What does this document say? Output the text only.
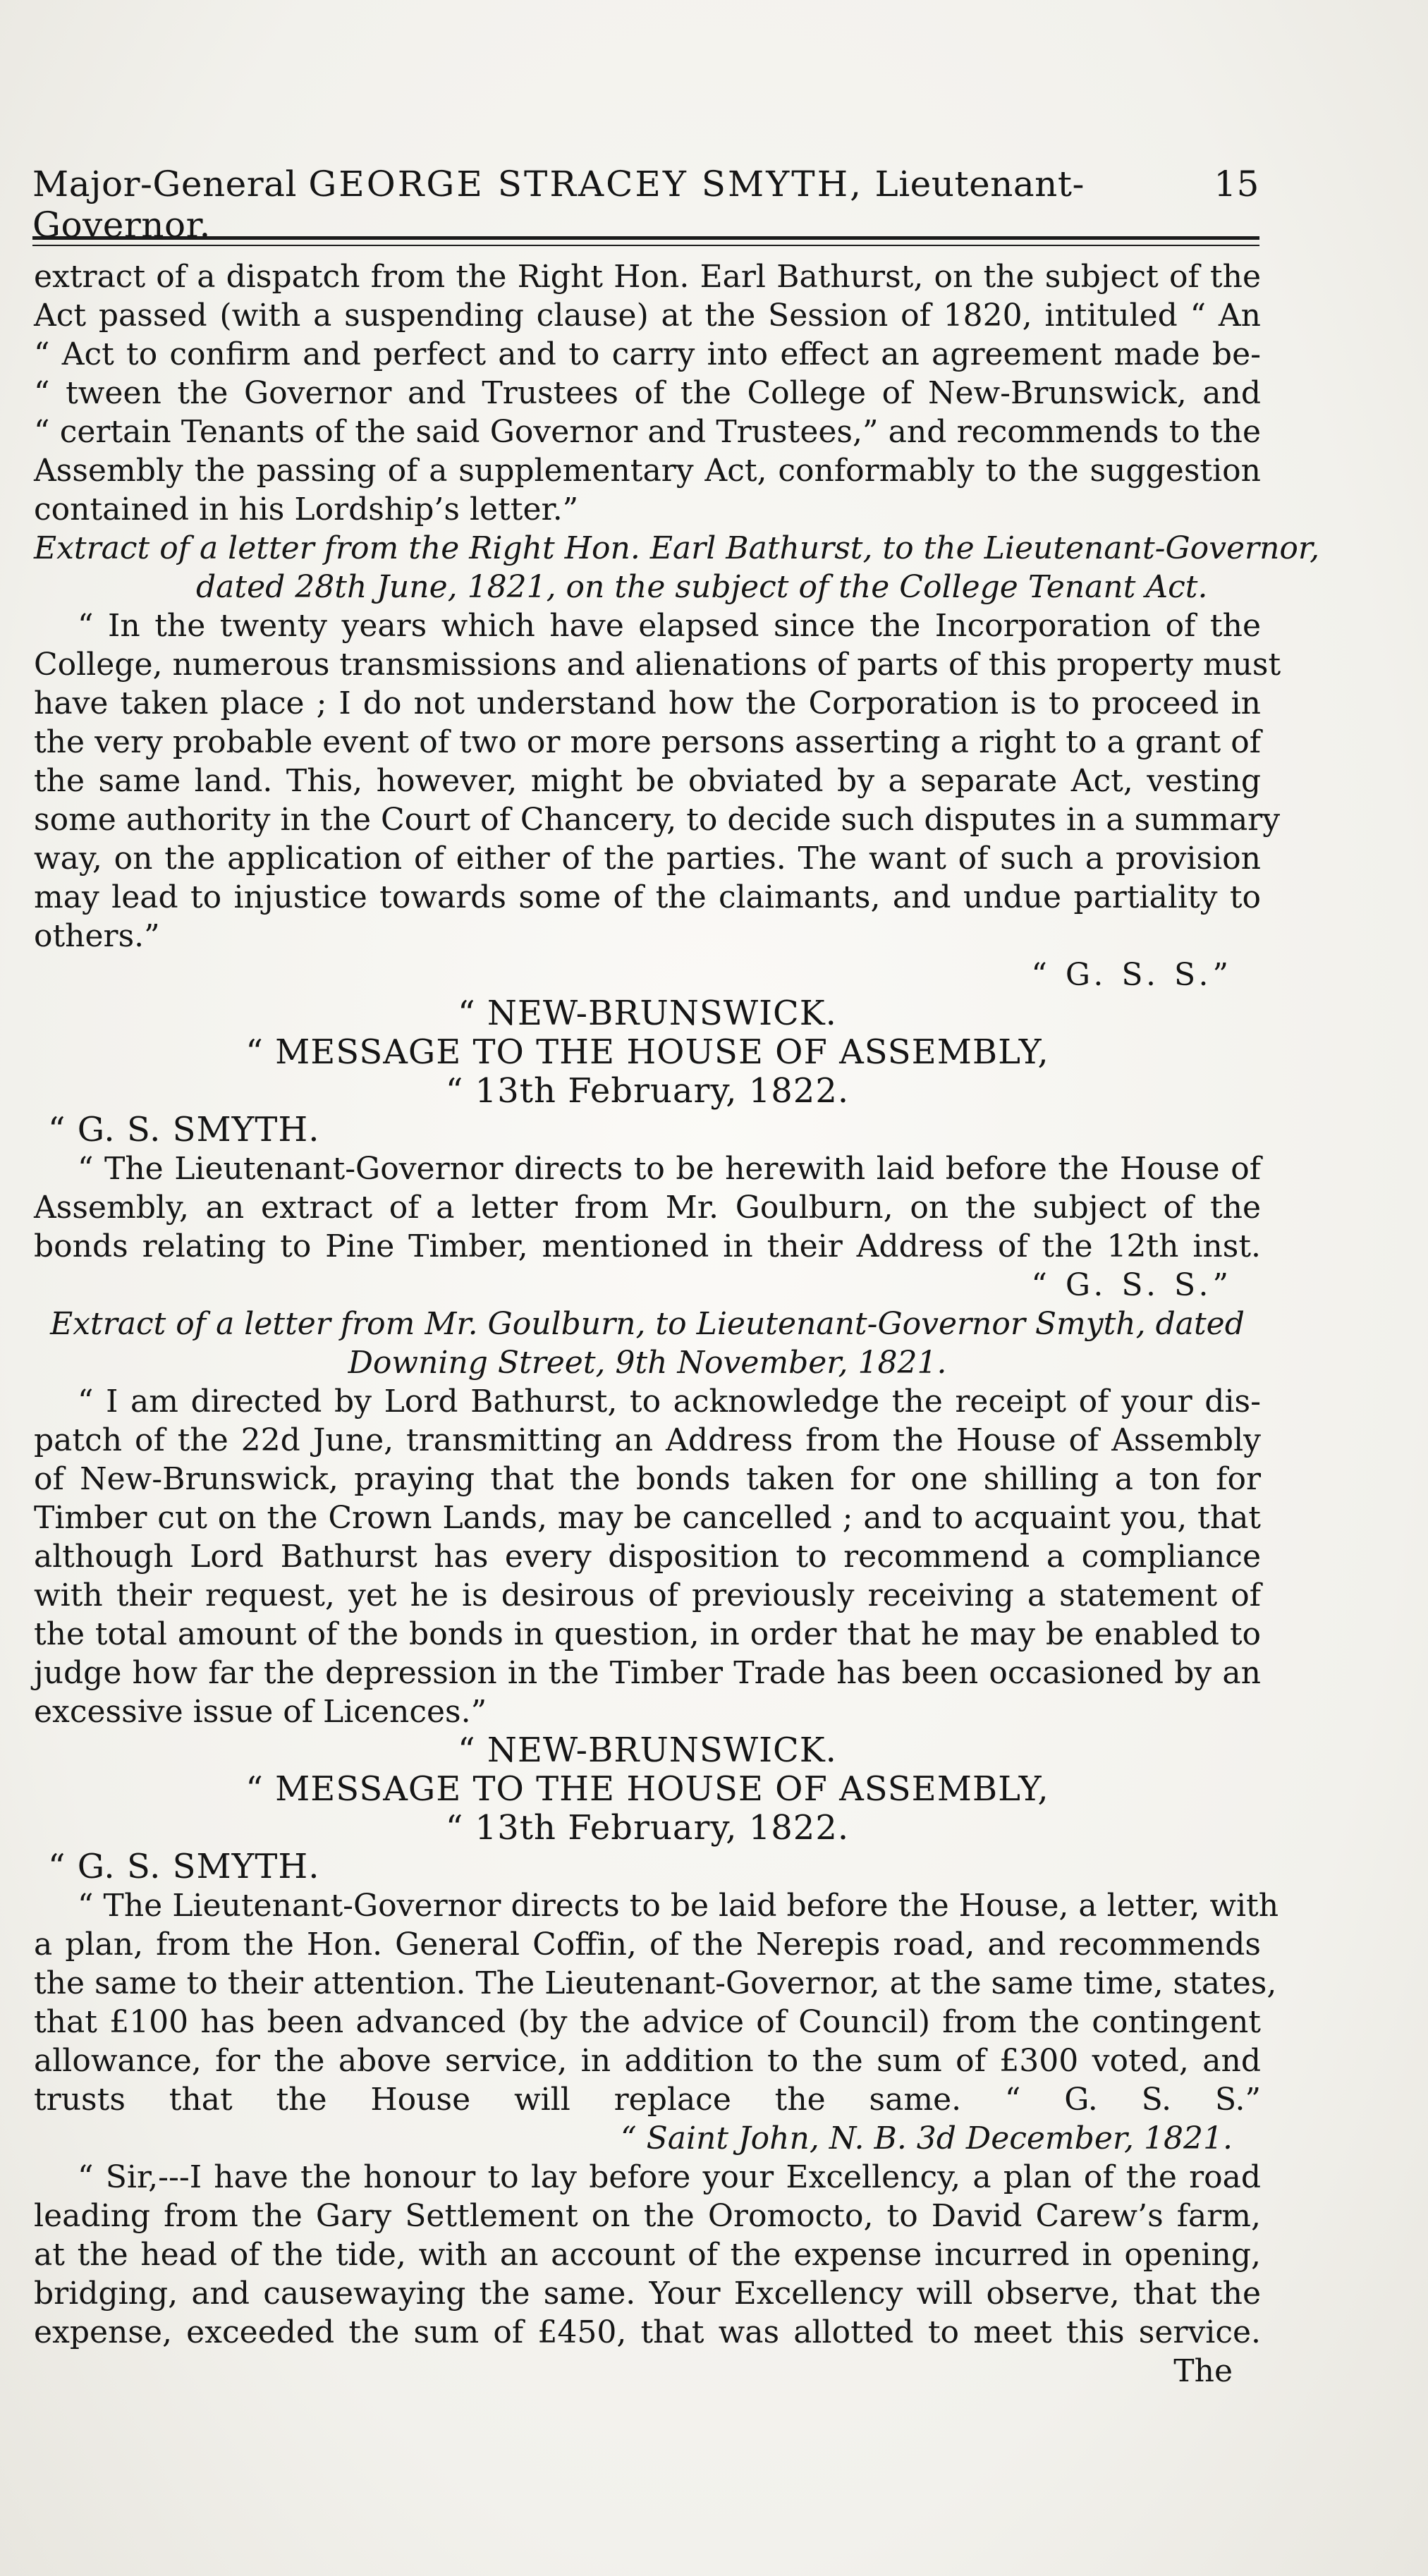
Major-General GEORGE STRACEY SMYTH, Lieutenant-Governor.
15
extract of a dispatch from the Right Hon. Earl Bathurst, on the subject of the
Act passed (with a suspending clause) at the Session of 1820, intituled “ An
“ Act to confirm and perfect and to carry into effect an agreement made be-
“ tween the Governor and Trustees of the College of New-Brunswick, and
“ certain Tenants of the said Governor and Trustees,” and recommends to the
Assembly the passing of a supplementary Act, conformably to the suggestion
contained in his Lordship’s letter.”
Extract of a letter from the Right Hon. Earl Bathurst, to the Lieutenant-Governor,
dated 28th June, 1821, on the subject of the College Tenant Act.
“ In the twenty years which have elapsed since the Incorporation of the
College, numerous transmissions and alienations of parts of this property must
have taken place ; I do not understand how the Corporation is to proceed in
the very probable event of two or more persons asserting a right to a grant of
the same land. This, however, might be obviated by a separate Act, vesting
some authority in the Court of Chancery, to decide such disputes in a summary
way, on the application of either of the parties. The want of such a provision
may lead to injustice towards some of the claimants, and undue partiality to
others.”
“ G. S. S.”
“ NEW-BRUNSWICK.
“ MESSAGE TO THE HOUSE OF ASSEMBLY,
“ 13th February, 1822.
“ G. S. SMYTH.
“ The Lieutenant-Governor directs to be herewith laid before the House of
Assembly, an extract of a letter from Mr. Goulburn, on the subject of the
bonds relating to Pine Timber, mentioned in their Address of the 12th inst.
“ G. S. S.”
Extract of a letter from Mr. Goulburn, to Lieutenant-Governor Smyth, dated
Downing Street, 9th November, 1821.
“ I am directed by Lord Bathurst, to acknowledge the receipt of your dis-
patch of the 22d June, transmitting an Address from the House of Assembly
of New-Brunswick, praying that the bonds taken for one shilling a ton for
Timber cut on the Crown Lands, may be cancelled ; and to acquaint you, that
although Lord Bathurst has every disposition to recommend a compliance
with their request, yet he is desirous of previously receiving a statement of
the total amount of the bonds in question, in order that he may be enabled to
judge how far the depression in the Timber Trade has been occasioned by an
excessive issue of Licences.”
“ NEW-BRUNSWICK.
“ MESSAGE TO THE HOUSE OF ASSEMBLY,
“ 13th February, 1822.
“ G. S. SMYTH.
“ The Lieutenant-Governor directs to be laid before the House, a letter, with
a plan, from the Hon. General Coffin, of the Nerepis road, and recommends
the same to their attention. The Lieutenant-Governor, at the same time, states,
that £100 has been advanced (by the advice of Council) from the contingent
allowance, for the above service, in addition to the sum of £300 voted, and
trusts that the House will replace the same. “ G. S. S.”
“ Saint John, N. B. 3d December, 1821.
“ Sir,---I have the honour to lay before your Excellency, a plan of the road
leading from the Gary Settlement on the Oromocto, to David Carew’s farm,
at the head of the tide, with an account of the expense incurred in opening,
bridging, and causewaying the same. Your Excellency will observe, that the
expense, exceeded the sum of £450, that was allotted to meet this service.
The
